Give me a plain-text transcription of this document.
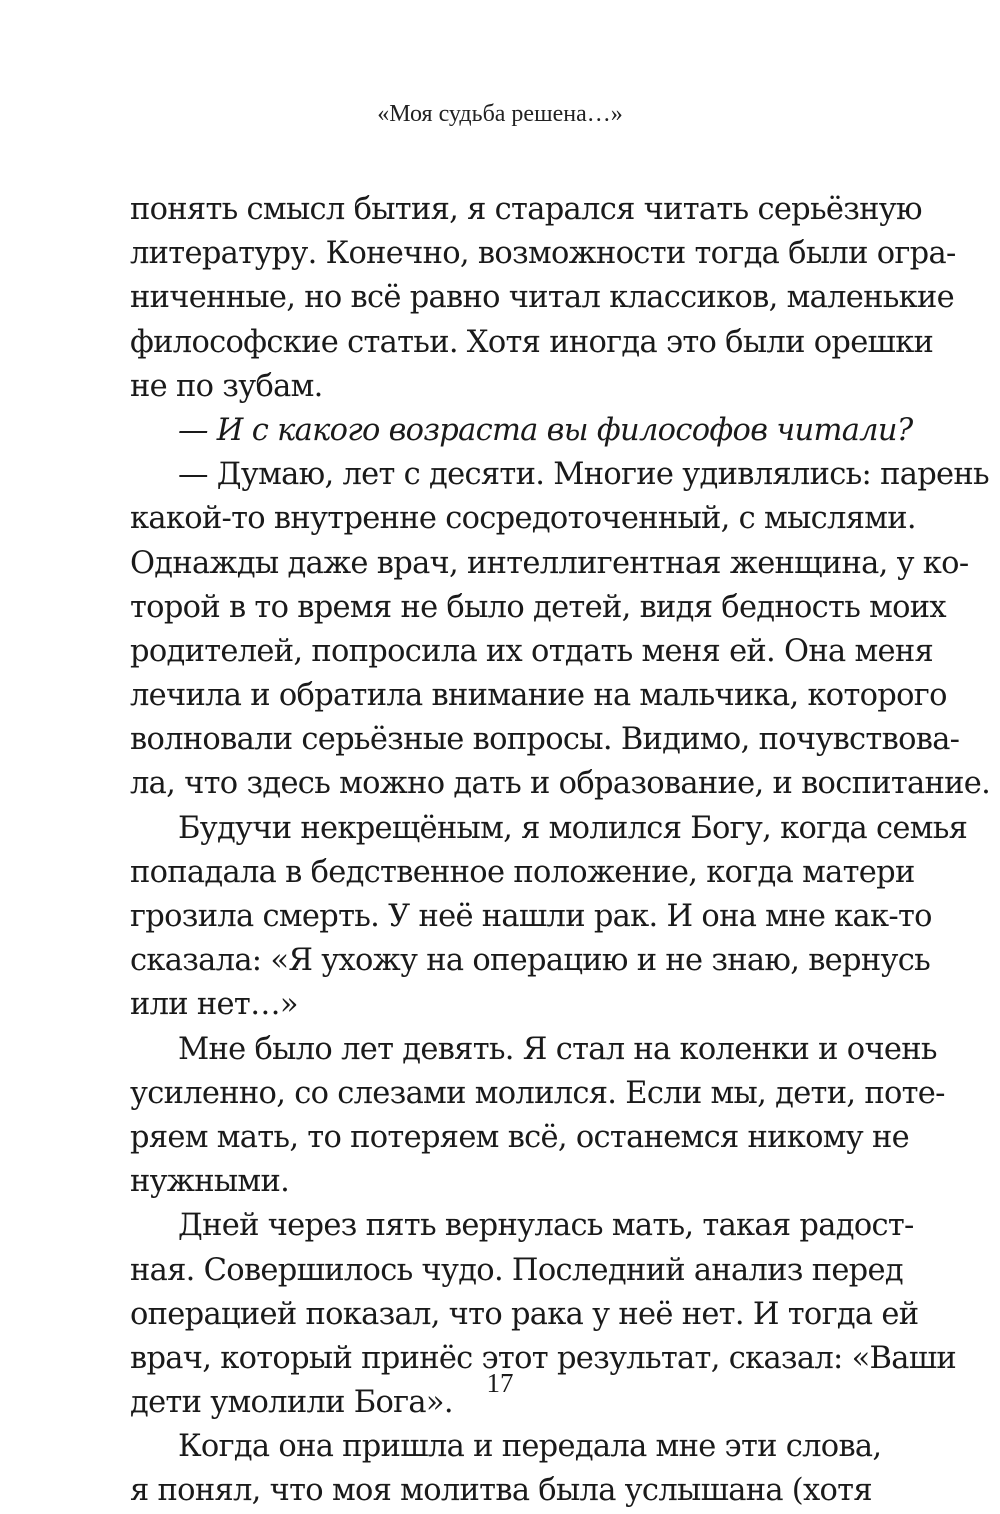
«Моя судьба решена…»
понять смысл бытия, я старался читать серьёзную
литературу. Конечно, возможности тогда были огра-
ниченные, но всё равно читал классиков, маленькие
философские статьи. Хотя иногда это были орешки
не по зубам.
— И с какого возраста вы философов читали?
— Думаю, лет с десяти. Многие удивлялись: парень
какой-то внутренне сосредоточенный, с мыслями.
Однажды даже врач, интеллигентная женщина, у ко-
торой в то время не было детей, видя бедность моих
родителей, попросила их отдать меня ей. Она меня
лечила и обратила внимание на мальчика, которого
волновали серьёзные вопросы. Видимо, почувствова-
ла, что здесь можно дать и образование, и воспитание.
Будучи некрещёным, я молился Богу, когда семья
попадала в бедственное положение, когда матери
грозила смерть. У неё нашли рак. И она мне как-то
сказала: «Я ухожу на операцию и не знаю, вернусь
или нет…»
Мне было лет девять. Я стал на коленки и очень
усиленно, со слезами молился. Если мы, дети, поте-
ряем мать, то потеряем всё, останемся никому не
нужными.
Дней через пять вернулась мать, такая радост-
ная. Совершилось чудо. Последний анализ перед
операцией показал, что рака у неё нет. И тогда ей
врач, который принёс этот результат, сказал: «Ваши
дети умолили Бога».
Когда она пришла и передала мне эти слова,
я понял, что моя молитва была услышана (хотя
17
